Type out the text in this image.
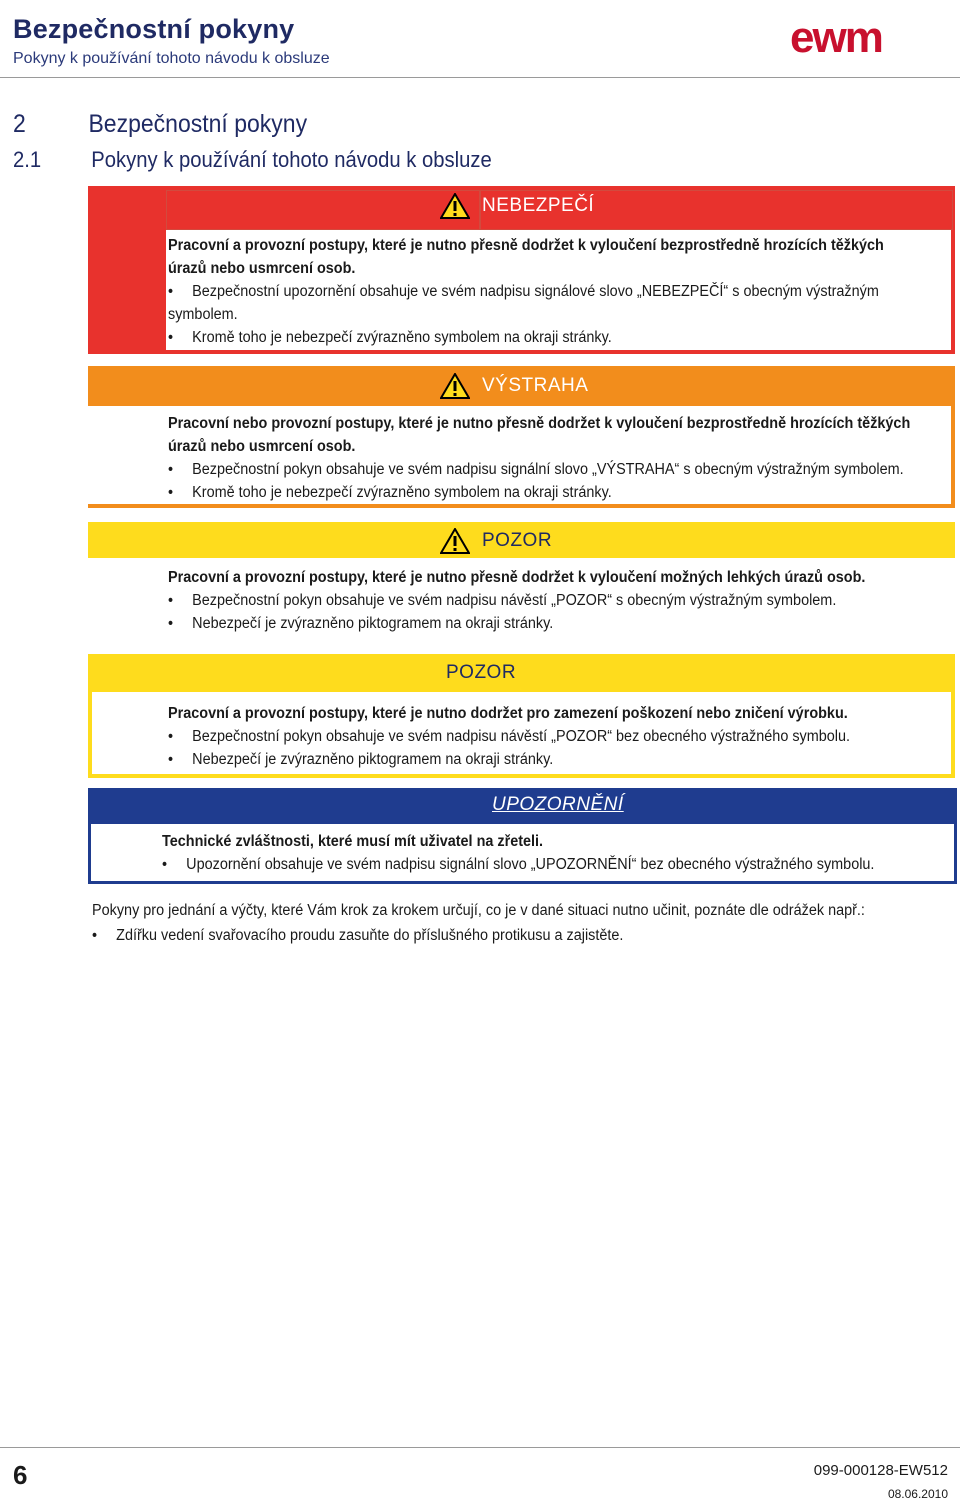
Bezpečnostní pokyny
Pokyny k používání tohoto návodu k obsluze	ewm
2	Bezpečnostní pokyny
2.1 Pokyny k používání tohoto návodu k obsluze
NEBEZPEČÍ
Pracovní a provozní postupy, které je nutno přesně dodržet k vyloučení bezprostředně hrozících těžkých
úrazů nebo usmrcení osob.
•	Bezpečnostní upozornění obsahuje ve svém nadpisu signálové slovo „NEBEZPEČÍ“ s obecným výstražným
symbolem.
•	Kromě toho je nebezpečí zvýrazněno symbolem na okraji stránky.
VÝSTRAHA
Pracovní nebo provozní postupy, které je nutno přesně dodržet k vyloučení bezprostředně hrozících těžkých
úrazů nebo usmrcení osob.
•	Bezpečnostní pokyn obsahuje ve svém nadpisu signální slovo „VÝSTRAHA“ s obecným výstražným symbolem.
•	Kromě toho je nebezpečí zvýrazněno symbolem na okraji stránky.
POZOR
Pracovní a provozní postupy, které je nutno přesně dodržet k vyloučení možných lehkých úrazů osob.
•	Bezpečnostní pokyn obsahuje ve svém nadpisu návěstí „POZOR“ s obecným výstražným symbolem.
•	Nebezpečí je zvýrazněno piktogramem na okraji stránky.
POZOR
Pracovní a provozní postupy, které je nutno dodržet pro zamezení poškození nebo zničení výrobku.
•	Bezpečnostní pokyn obsahuje ve svém nadpisu návěstí „POZOR“ bez obecného výstražného symbolu.
•	Nebezpečí je zvýrazněno piktogramem na okraji stránky.
UPOZORNĚNÍ
Technické zvláštnosti, které musí mít uživatel na zřeteli.
•	Upozornění obsahuje ve svém nadpisu signální slovo „UPOZORNĚNÍ“ bez obecného výstražného symbolu.
Pokyny pro jednání a výčty, které Vám krok za krokem určují, co je v dané situaci nutno učinit, poznáte dle odrážek např.:
•	Zdířku vedení svařovacího proudu zasuňte do příslušného protikusu a zajistěte.
6	099-000128-EW512
08.06.2010
